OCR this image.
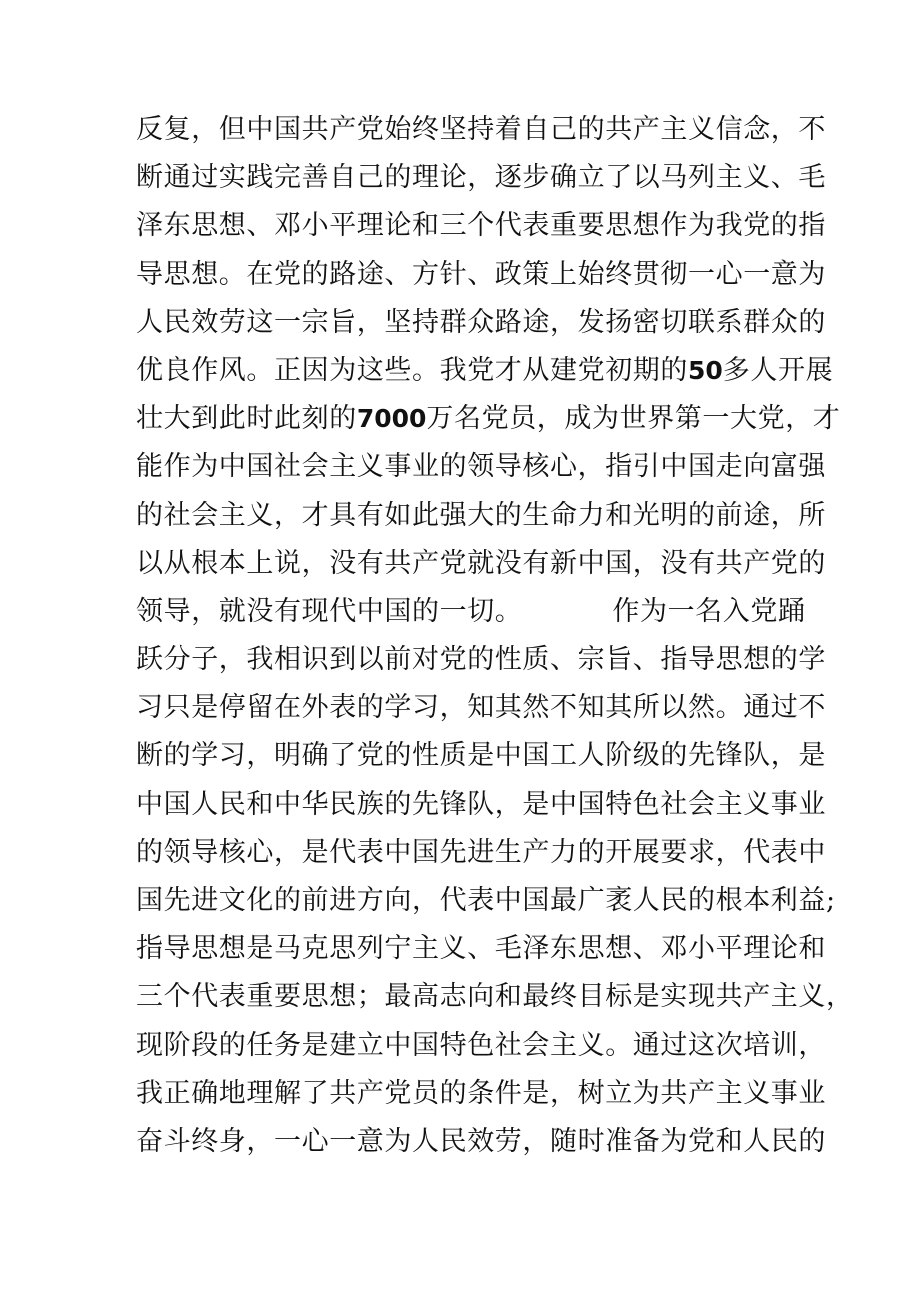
反复，但中国共产党始终坚持着自己的共产主义信念，不
断通过实践完善自己的理论，逐步确立了以马列主义、毛
泽东思想、邓小平理论和三个代表重要思想作为我党的指
导思想。在党的路途、方针、政策上始终贯彻一心一意为
人民效劳这一宗旨，坚持群众路途，发扬密切联系群众的
优良作风。正因为这些。我党才从建党初期的50多人开展
壮大到此时此刻的7000万名党员，成为世界第一大党，才
能作为中国社会主义事业的领导核心，指引中国走向富强
的社会主义，才具有如此强大的生命力和光明的前途，所
以从根本上说，没有共产党就没有新中国，没有共产党的
领导，就没有现代中国的一切。	作为一名入党踊
跃分子，我相识到以前对党的性质、宗旨、指导思想的学
习只是停留在外表的学习，知其然不知其所以然。通过不
断的学习，明确了党的性质是中国工人阶级的先锋队，是
中国人民和中华民族的先锋队，是中国特色社会主义事业
的领导核心，是代表中国先进生产力的开展要求，代表中
国先进文化的前进方向，代表中国最广袤人民的根本利益;
指导思想是马克思列宁主义、毛泽东思想、邓小平理论和
三个代表重要思想；最高志向和最终目标是实现共产主义，
现阶段的任务是建立中国特色社会主义。通过这次培训，
我正确地理解了共产党员的条件是，树立为共产主义事业
奋斗终身，一心一意为人民效劳，随时准备为党和人民的
